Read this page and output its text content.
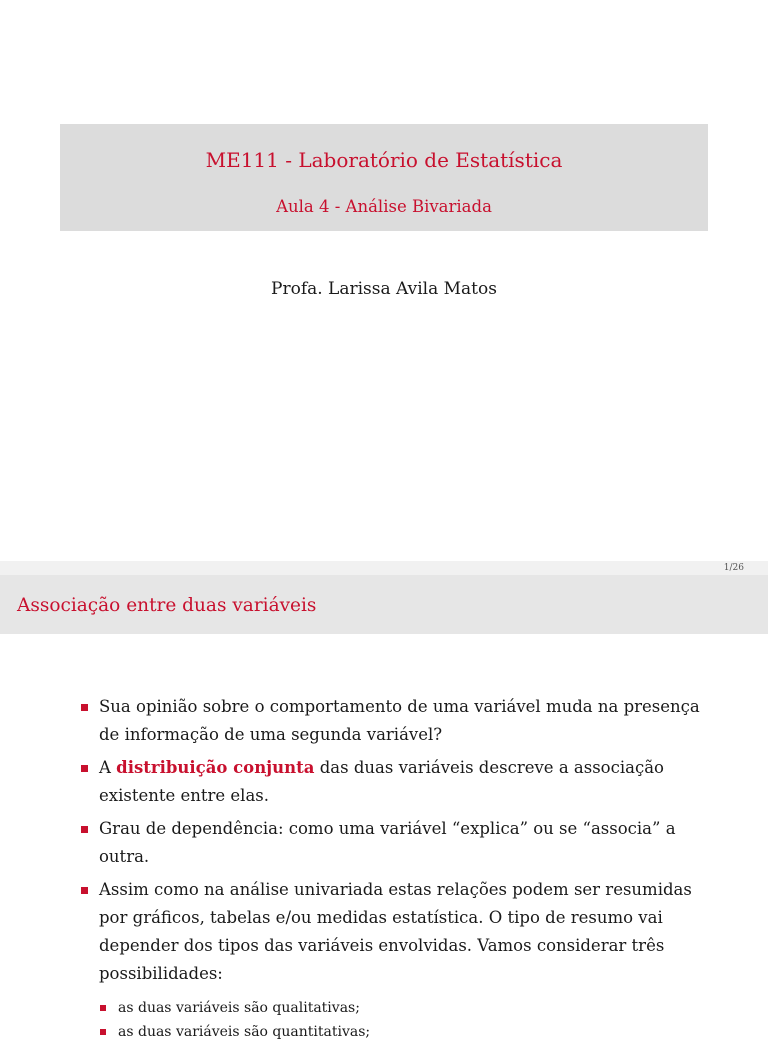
ME111 - Laboratório de Estatística
Aula 4 - Análise Bivariada
Profa. Larissa Avila Matos
1/26
Associação entre duas variáveis
Sua opinião sobre o comportamento de uma variável muda na presença de informação de uma segunda variável?
A distribuição conjunta das duas variáveis descreve a associação existente entre elas.
Grau de dependência: como uma variável “explica” ou se “associa” a outra.
Assim como na análise univariada estas relações podem ser resumidas por gráficos, tabelas e/ou medidas estatística. O tipo de resumo vai depender dos tipos das variáveis envolvidas. Vamos considerar três possibilidades:
as duas variáveis são qualitativas;
as duas variáveis são quantitativas;
